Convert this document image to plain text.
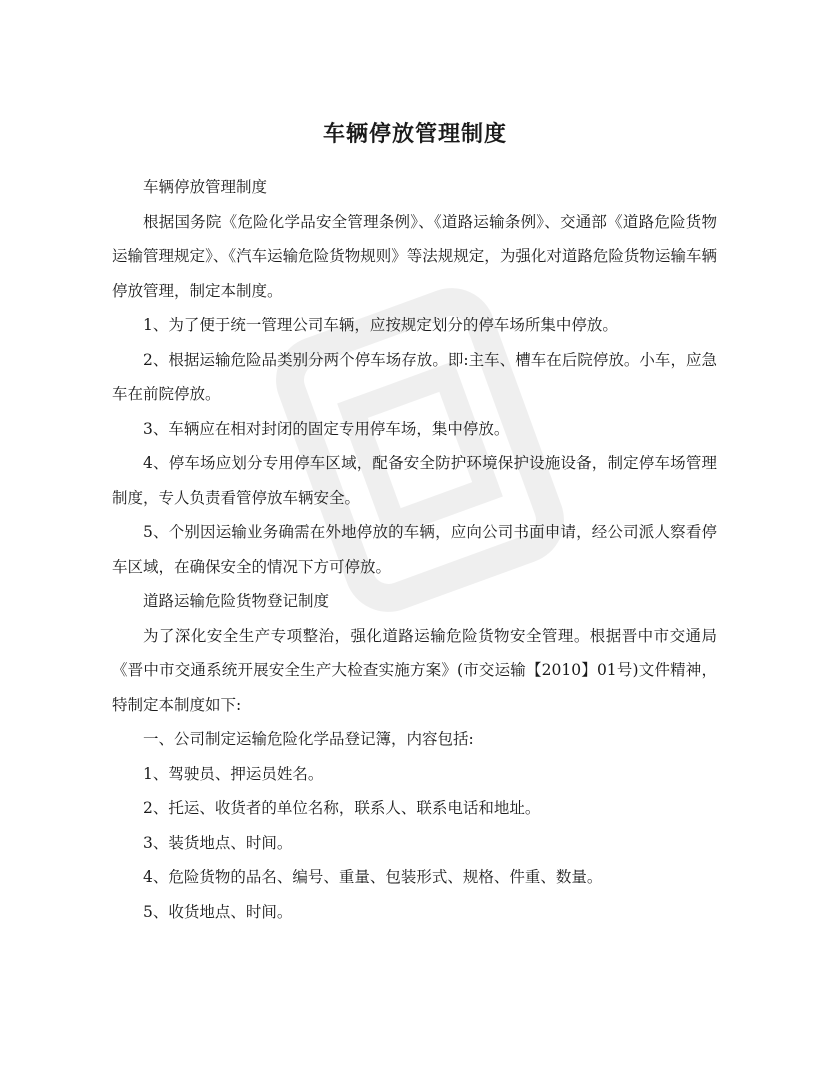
车辆停放管理制度

车辆停放管理制度

根据国务院《危险化学品安全管理条例》、《道路运输条例》、交通部《道路危险货物运输管理规定》、《汽车运输危险货物规则》等法规规定，为强化对道路危险货物运输车辆停放管理，制定本制度。

1、为了便于统一管理公司车辆，应按规定划分的停车场所集中停放。

2、根据运输危险品类别分两个停车场存放。即:主车、槽车在后院停放。小车，应急车在前院停放。

3、车辆应在相对封闭的固定专用停车场，集中停放。

4、停车场应划分专用停车区域，配备安全防护环境保护设施设备，制定停车场管理制度，专人负责看管停放车辆安全。

5、个别因运输业务确需在外地停放的车辆，应向公司书面申请，经公司派人察看停车区域，在确保安全的情况下方可停放。

道路运输危险货物登记制度

为了深化安全生产专项整治，强化道路运输危险货物安全管理。根据晋中市交通局《晋中市交通系统开展安全生产大检查实施方案》(市交运输【2010】01号)文件精神，特制定本制度如下:

一、公司制定运输危险化学品登记簿，内容包括:

1、驾驶员、押运员姓名。

2、托运、收货者的单位名称，联系人、联系电话和地址。

3、装货地点、时间。

4、危险货物的品名、编号、重量、包装形式、规格、件重、数量。

5、收货地点、时间。
